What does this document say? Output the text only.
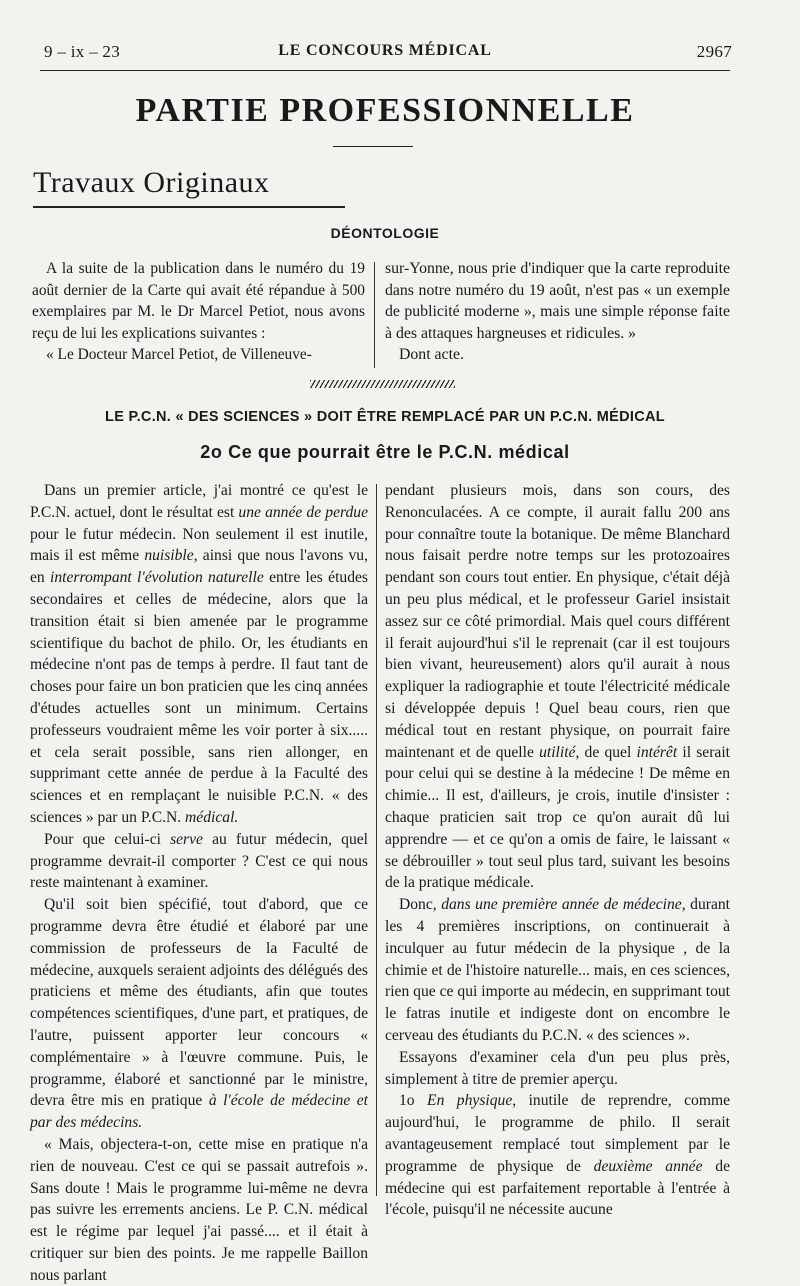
9 – ix – 23	LE CONCOURS MÉDICAL	2967
PARTIE PROFESSIONNELLE
Travaux Originaux
DÉONTOLOGIE

A la suite de la publication dans le numéro du 19 août dernier de la Carte qui avait été répandue à 500 exemplaires par M. le Dr Marcel Petiot, nous avons reçu de lui les explications suivantes :

« Le Docteur Marcel Petiot, de Villeneuve-

sur-Yonne, nous prie d'indiquer que la carte reproduite dans notre numéro du 19 août, n'est pas « un exemple de publicité moderne », mais une simple réponse faite à des attaques hargneuses et ridicules. »

Dont acte.

LE P.C.N. « DES SCIENCES » DOIT ÊTRE REMPLACÉ PAR UN P.C.N. MÉDICAL
2o Ce que pourrait être le P.C.N. médical

Dans un premier article, j'ai montré ce qu'est le P.C.N. actuel, dont le résultat est une année de perdue pour le futur médecin. Non seulement il est inutile, mais il est même nuisible, ainsi que nous l'avons vu, en interrompant l'évolution naturelle entre les études secondaires et celles de médecine, alors que la transition était si bien amenée par le programme scientifique du bachot de philo. Or, les étudiants en médecine n'ont pas de temps à perdre. Il faut tant de choses pour faire un bon praticien que les cinq années d'études actuelles sont un minimum. Certains professeurs voudraient même les voir porter à six..... et cela serait possible, sans rien allonger, en supprimant cette année de perdue à la Faculté des sciences et en remplaçant le nuisible P.C.N. « des sciences » par un P.C.N. médical.

Pour que celui-ci serve au futur médecin, quel programme devrait-il comporter ? C'est ce qui nous reste maintenant à examiner.

Qu'il soit bien spécifié, tout d'abord, que ce programme devra être étudié et élaboré par une commission de professeurs de la Faculté de médecine, auxquels seraient adjoints des délégués des praticiens et même des étudiants, afin que toutes compétences scientifiques, d'une part, et pratiques, de l'autre, puissent apporter leur concours « complémentaire » à l'œuvre commune. Puis, le programme, élaboré et sanctionné par le ministre, devra être mis en pratique à l'école de médecine et par des médecins.

« Mais, objectera-t-on, cette mise en pratique n'a rien de nouveau. C'est ce qui se passait autrefois ». Sans doute ! Mais le programme lui-même ne devra pas suivre les errements anciens. Le P. C.N. médical est le régime par lequel j'ai passé.... et il était à critiquer sur bien des points. Je me rappelle Baillon nous parlant

pendant plusieurs mois, dans son cours, des Renonculacées. A ce compte, il aurait fallu 200 ans pour connaître toute la botanique. De même Blanchard nous faisait perdre notre temps sur les protozoaires pendant son cours tout entier. En physique, c'était déjà un peu plus médical, et le professeur Gariel insistait assez sur ce côté primordial. Mais quel cours différent il ferait aujourd'hui s'il le reprenait (car il est toujours bien vivant, heureusement) alors qu'il aurait à nous expliquer la radiographie et toute l'électricité médicale si développée depuis ! Quel beau cours, rien que médical tout en restant physique, on pourrait faire maintenant et de quelle utilité, de quel intérêt il serait pour celui qui se destine à la médecine ! De même en chimie... Il est, d'ailleurs, je crois, inutile d'insister : chaque praticien sait trop ce qu'on aurait dû lui apprendre — et ce qu'on a omis de faire, le laissant « se débrouiller » tout seul plus tard, suivant les besoins de la pratique médicale.

Donc, dans une première année de médecine, durant les 4 premières inscriptions, on continuerait à inculquer au futur médecin de la physique , de la chimie et de l'histoire naturelle... mais, en ces sciences, rien que ce qui importe au médecin, en supprimant tout le fatras inutile et indigeste dont on encombre le cerveau des étudiants du P.C.N. « des sciences ».

Essayons d'examiner cela d'un peu plus près, simplement à titre de premier aperçu.

1o En physique, inutile de reprendre, comme aujourd'hui, le programme de philo. Il serait avantageusement remplacé tout simplement par le programme de physique de deuxième année de médecine qui est parfaitement reportable à l'entrée à l'école, puisqu'il ne nécessite aucune
